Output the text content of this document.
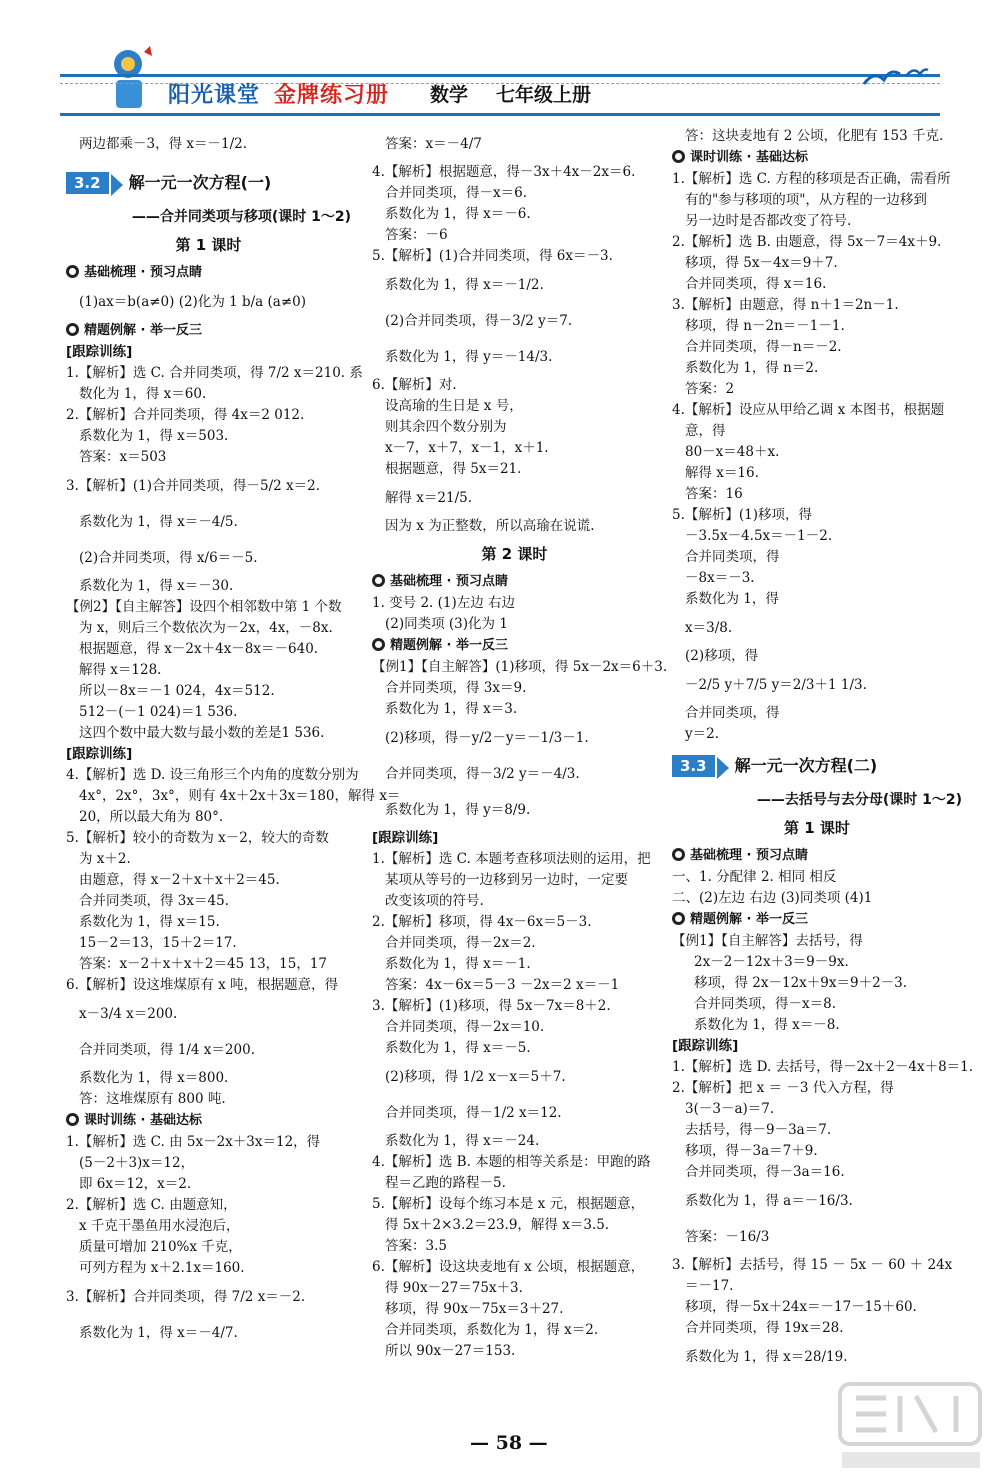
阳光课堂 金牌练习册 数学 七年级上册
两边都乘－3，得 x＝－1/2.
3.2 解一元一次方程(一)
——合并同类项与移项(课时 1～2)
第 1 课时
基础梳理 · 预习点睛
(1)ax＝b(a≠0) (2)化为 1 b/a (a≠0)
精题例解 · 举一反三
[跟踪训练]
1.【解析】选 C. 合并同类项，得 7/2 x＝210. 系
数化为 1，得 x＝60.
2.【解析】合并同类项，得 4x＝2 012.
系数化为 1，得 x＝503.
答案：x＝503
3.【解析】(1)合并同类项，得－5/2 x＝2.
系数化为 1，得 x＝－4/5.
(2)合并同类项，得 x/6＝－5.
系数化为 1，得 x＝－30.
【例2】【自主解答】设四个相邻数中第 1 个数
为 x，则后三个数依次为－2x，4x，－8x.
根据题意，得 x－2x＋4x－8x＝－640.
解得 x＝128.
所以－8x＝－1 024，4x＝512.
512－(－1 024)＝1 536.
这四个数中最大数与最小数的差是1 536.
[跟踪训练]
4.【解析】选 D. 设三角形三个内角的度数分别为
4x°，2x°，3x°，则有 4x＋2x＋3x＝180，解得 x＝
20，所以最大角为 80°.
5.【解析】较小的奇数为 x－2，较大的奇数
为 x＋2.
由题意，得 x－2＋x＋x＋2＝45.
合并同类项，得 3x＝45.
系数化为 1，得 x＝15.
15－2＝13，15＋2＝17.
答案：x－2＋x＋x＋2＝45 13，15，17
6.【解析】设这堆煤原有 x 吨，根据题意，得
x－3/4 x＝200.
合并同类项，得 1/4 x＝200.
系数化为 1，得 x＝800.
答：这堆煤原有 800 吨.
课时训练 · 基础达标
1.【解析】选 C. 由 5x－2x＋3x＝12，得
(5－2＋3)x＝12，
即 6x＝12，x＝2.
2.【解析】选 C. 由题意知，
x 千克干墨鱼用水浸泡后，
质量可增加 210%x 千克，
可列方程为 x＋2.1x＝160.
3.【解析】合并同类项，得 7/2 x＝－2.
系数化为 1，得 x＝－4/7.
答案：x＝－4/7
4.【解析】根据题意，得－3x＋4x－2x＝6.
合并同类项，得－x＝6.
系数化为 1，得 x＝－6.
答案：－6
5.【解析】(1)合并同类项，得 6x＝－3.
系数化为 1，得 x＝－1/2.
(2)合并同类项，得－3/2 y＝7.
系数化为 1，得 y＝－14/3.
6.【解析】对.
设高瑜的生日是 x 号，
则其余四个数分别为
x－7，x＋7，x－1，x＋1.
根据题意，得 5x＝21.
解得 x＝21/5.
因为 x 为正整数，所以高瑜在说谎.
第 2 课时
基础梳理 · 预习点睛
1. 变号 2. (1)左边 右边
(2)同类项 (3)化为 1
精题例解 · 举一反三
【例1】【自主解答】(1)移项，得 5x－2x＝6＋3.
合并同类项，得 3x＝9.
系数化为 1，得 x＝3.
(2)移项，得－y/2－y＝－1/3－1.
合并同类项，得－3/2 y＝－4/3.
系数化为 1，得 y＝8/9.
[跟踪训练]
1.【解析】选 C. 本题考查移项法则的运用，把
某项从等号的一边移到另一边时，一定要
改变该项的符号.
2.【解析】移项，得 4x－6x＝5－3.
合并同类项，得－2x＝2.
系数化为 1，得 x＝－1.
答案：4x－6x＝5－3 －2x＝2 x＝－1
3.【解析】(1)移项，得 5x－7x＝8＋2.
合并同类项，得－2x＝10.
系数化为 1，得 x＝－5.
(2)移项，得 1/2 x－x＝5＋7.
合并同类项，得－1/2 x＝12.
系数化为 1，得 x＝－24.
4.【解析】选 B. 本题的相等关系是：甲跑的路
程＝乙跑的路程－5.
5.【解析】设每个练习本是 x 元，根据题意，
得 5x＋2×3.2＝23.9，解得 x＝3.5.
答案：3.5
6.【解析】设这块麦地有 x 公顷，根据题意，
得 90x－27＝75x＋3.
移项，得 90x－75x＝3＋27.
合并同类项，系数化为 1，得 x＝2.
所以 90x－27＝153.
答：这块麦地有 2 公顷，化肥有 153 千克.
课时训练 · 基础达标
1.【解析】选 C. 方程的移项是否正确，需看所
有的"参与移项的项"，从方程的一边移到
另一边时是否都改变了符号.
2.【解析】选 B. 由题意，得 5x－7＝4x＋9.
移项，得 5x－4x＝9＋7.
合并同类项，得 x＝16.
3.【解析】由题意，得 n＋1＝2n－1.
移项，得 n－2n＝－1－1.
合并同类项，得－n＝－2.
系数化为 1，得 n＝2.
答案：2
4.【解析】设应从甲给乙调 x 本图书，根据题
意，得
80－x＝48＋x.
解得 x＝16.
答案：16
5.【解析】(1)移项，得
－3.5x－4.5x＝－1－2.
合并同类项，得
－8x＝－3.
系数化为 1，得
x＝3/8.
(2)移项，得
－2/5 y＋7/5 y＝2/3＋1 1/3.
合并同类项，得
y＝2.
3.3 解一元一次方程(二)
——去括号与去分母(课时 1～2)
第 1 课时
基础梳理 · 预习点睛
一、1. 分配律 2. 相同 相反
二、(2)左边 右边 (3)同类项 (4)1
精题例解 · 举一反三
【例1】【自主解答】去括号，得
2x－2－12x＋3＝9－9x.
移项，得 2x－12x＋9x＝9＋2－3.
合并同类项，得－x＝8.
系数化为 1，得 x＝－8.
[跟踪训练]
1.【解析】选 D. 去括号，得－2x＋2－4x＋8＝1.
2.【解析】把 x ＝ －3 代入方程，得
3(－3－a)＝7.
去括号，得－9－3a＝7.
移项，得－3a＝7＋9.
合并同类项，得－3a＝16.
系数化为 1，得 a＝－16/3.
答案：－16/3
3.【解析】去括号，得 15 － 5x － 60 ＋ 24x
＝－17.
移项，得－5x＋24x＝－17－15＋60.
合并同类项，得 19x＝28.
系数化为 1，得 x＝28/19.
— 58 —
